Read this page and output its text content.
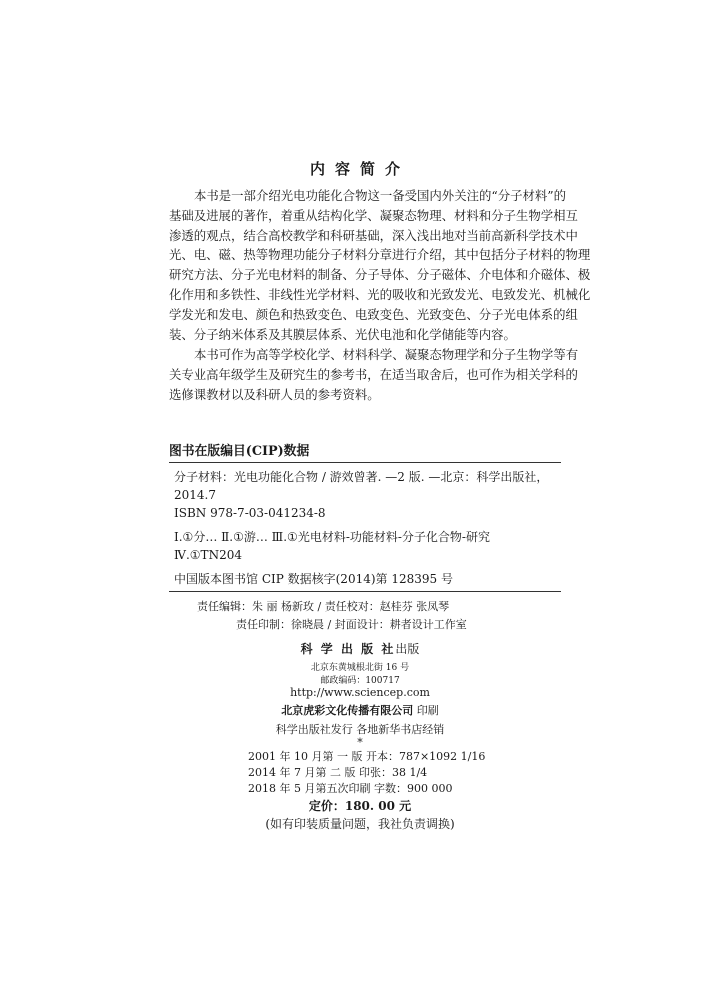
内容简介
本书是一部介绍光电功能化合物这一备受国内外关注的“分子材料”的
基础及进展的著作，着重从结构化学、凝聚态物理、材料和分子生物学相互
渗透的观点，结合高校教学和科研基础，深入浅出地对当前高新科学技术中
光、电、磁、热等物理功能分子材料分章进行介绍，其中包括分子材料的物理
研究方法、分子光电材料的制备、分子导体、分子磁体、介电体和介磁体、极
化作用和多铁性、非线性光学材料、光的吸收和光致发光、电致发光、机械化
学发光和发电、颜色和热致变色、电致变色、光致变色、分子光电体系的组
装、分子纳米体系及其膜层体系、光伏电池和化学储能等内容。
本书可作为高等学校化学、材料科学、凝聚态物理学和分子生物学等有
关专业高年级学生及研究生的参考书，在适当取舍后，也可作为相关学科的
选修课教材以及科研人员的参考资料。
图书在版编目(CIP)数据
分子材料：光电功能化合物 / 游效曾著. —2 版. —北京：科学出版社，
2014.7
ISBN 978-7-03-041234-8
Ⅰ.①分… Ⅱ.①游… Ⅲ.①光电材料-功能材料-分子化合物-研究
Ⅳ.①TN204
中国版本图书馆 CIP 数据核字(2014)第 128395 号
责任编辑：朱 丽 杨新玫 / 责任校对：赵桂芬 张凤琴
责任印制：徐晓晨 / 封面设计：耕者设计工作室
科 学 出 版 社出版
北京东黄城根北街 16 号
邮政编码：100717
http://www.sciencep.com
北京虎彩文化传播有限公司 印刷
科学出版社发行 各地新华书店经销
*
2001 年 10 月第 一 版 开本：787×1092 1/16
2014 年 7 月第 二 版 印张：38 1/4
2018 年 5 月第五次印刷 字数：900 000
定价：180. 00 元
(如有印装质量问题，我社负责调换)
